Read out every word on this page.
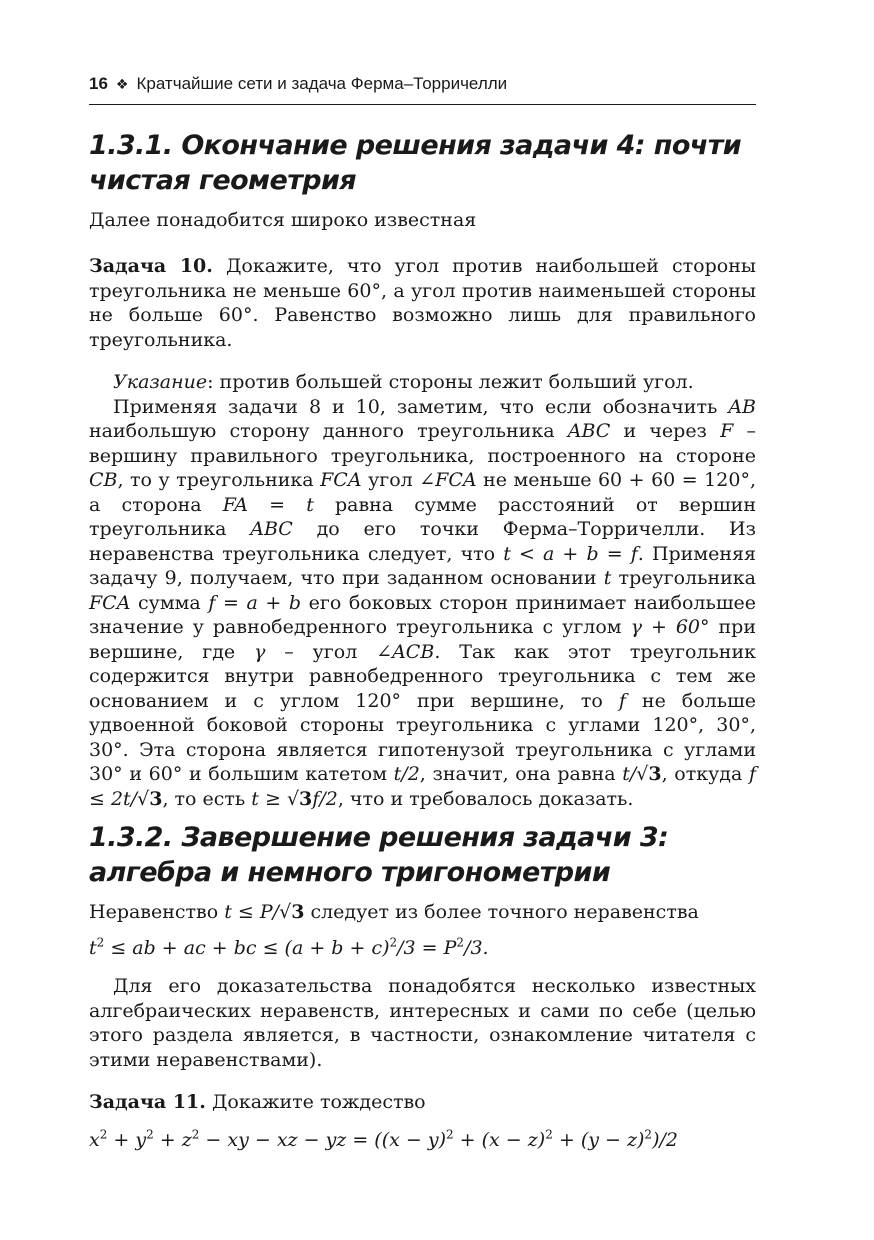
16 ❖ Кратчайшие сети и задача Ферма–Торричелли
1.3.1. Окончание решения задачи 4: почти чистая геометрия

Далее понадобится широко известная

Задача 10. Докажите, что угол против наибольшей стороны треугольника не меньше 60°, а угол против наименьшей стороны не больше 60°. Равенство возможно лишь для правильного треугольника.

Указание: против большей стороны лежит больший угол.

Применяя задачи 8 и 10, заметим, что если обозначить AB наибольшую сторону данного треугольника ABC и через F – вершину правильного треугольника, построенного на стороне CB, то у треугольника FCA угол ∠FCA не меньше 60 + 60 = 120°, а сторона FA = t равна сумме расстояний от вершин треугольника ABC до его точки Ферма–Торричелли. Из неравенства треугольника следует, что t < a + b = f. Применяя задачу 9, получаем, что при заданном основании t треугольника FCA сумма f = a + b его боковых сторон принимает наибольшее значение у равнобедренного треугольника с углом γ + 60° при вершине, где γ – угол ∠ACB. Так как этот треугольник содержится внутри равнобедренного треугольника с тем же основанием и с углом 120° при вершине, то f не больше удвоенной боковой стороны треугольника с углами 120°, 30°, 30°. Эта сторона является гипотенузой треугольника с углами 30° и 60° и большим катетом t/2, значит, она равна t/ √ 3, откуда f ≤ 2t/ √ 3, то есть t ≥ √ 3f/2, что и требовалось доказать.

1.3.2. Завершение решения задачи 3: алгебра и немного тригонометрии

Неравенство t ≤ P/ √ 3 следует из более точного неравенства

$t^2$ ≤ ab + ac + bc ≤ $(a + b + c)^2/3 = P^2/3$.

Для его доказательства понадобятся несколько известных алгебраических неравенств, интересных и сами по себе (целью этого раздела является, в частности, ознакомление читателя с этими неравенствами).

Задача 11. Докажите тождество

$x^2 + y^2 + z^2$ − xy − xz − yz = $((x - y)^2 + (x - z)^2 + (y - z)^2)/2$
